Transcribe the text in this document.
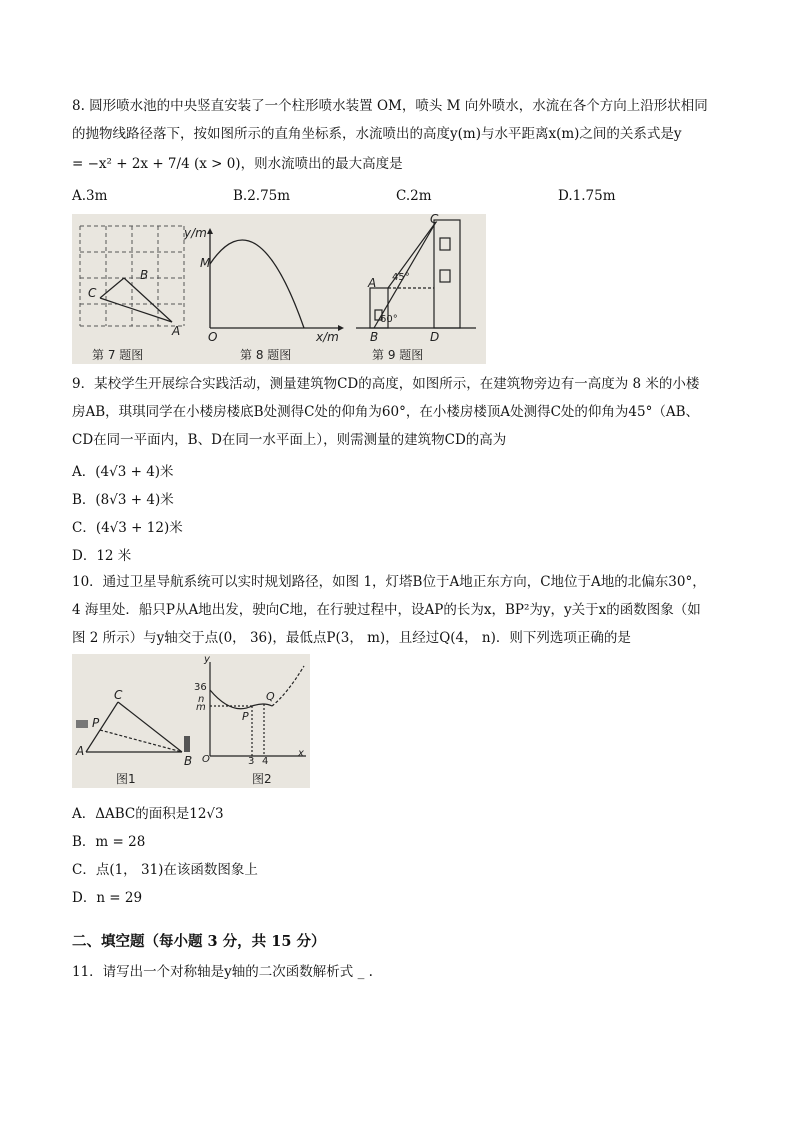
8. 圆形喷水池的中央竖直安装了一个柱形喷水装置 OM，喷头 M 向外喷水，水流在各个方向上沿形状相同
的抛物线路径落下，按如图所示的直角坐标系，水流喷出的高度y(m)与水平距离x(m)之间的关系式是y
= −x² + 2x + 7/4 (x > 0)，则水流喷出的最大高度是
A.3m	B.2.75m	C.2m	D.1.75m
B
C
A
第 7 题图
y/m
x/m
M
O
第 8 题图
C
A 45°
60°
B	D
第 9 题图
9．某校学生开展综合实践活动，测量建筑物CD的高度，如图所示，在建筑物旁边有一高度为 8 米的小楼
房AB，琪琪同学在小楼房楼底B处测得C处的仰角为60°，在小楼房楼顶A处测得C处的仰角为45°（AB、
CD在同一平面内，B、D在同一水平面上），则需测量的建筑物CD的高为
A．(4√3 + 4)米
B．(8√3 + 4)米
C．(4√3 + 12)米
D．12 米
10．通过卫星导航系统可以实时规划路径，如图 1，灯塔B位于A地正东方向，C地位于A地的北偏东30°，
4 海里处．船只P从A地出发，驶向C地，在行驶过程中，设AP的长为x，BP²为y，y关于x的函数图象（如
图 2 所示）与y轴交于点(0， 36)，最低点P(3， m)，且经过Q(4， n)．则下列选项正确的是
C
P
A
B
图1
y
36
n
m
Q
P
O	3 4
x
图2
A．ΔABC的面积是12√3
B．m = 28
C．点(1， 31)在该函数图象上
D．n = 29
二、填空题（每小题 3 分，共 15 分）
11．请写出一个对称轴是y轴的二次函数解析式 _ .
